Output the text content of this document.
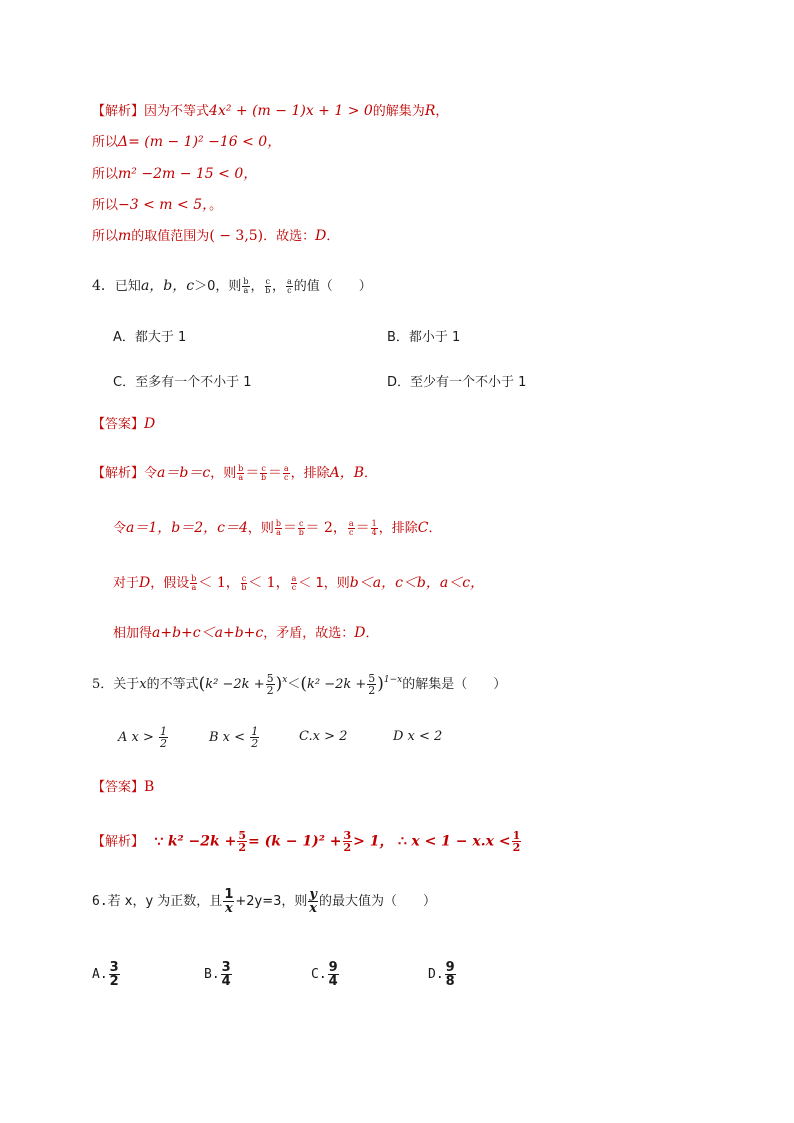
【解析】因为不等式4x² + (m − 1)x + 1 > 0的解集为R，
所以Δ= (m − 1)² −16 < 0，
所以m² −2m − 15 < 0，
所以−3 < m < 5，。
所以m的取值范围为( − 3,5)．故选：D．
4．已知a，b，c＞0，则 $\frac{b}{a}$ ， $\frac{c}{b}$ ， $\frac{a}{c}$ 的值（　　）
A．都大于 1	B．都小于 1
C．至多有一个不小于 1	D．至少有一个不小于 1
【答案】D
【解析】令a＝b＝c，则 $\frac{b}{a} = \frac{c}{b} = \frac{a}{c}$ ，排除A，B．
令a＝1，b＝2，c＝4，则 $\frac{b}{a} = \frac{c}{b} = 2$， $\frac{a}{c} = \frac{1}{4}$ ，排除C．
对于D，假设 $\frac{b}{a} < 1$， $\frac{c}{b} < 1$， $\frac{a}{c} < 1$，则b＜a，c＜b，a＜c，
相加得a+b+c＜a+b+c，矛盾，故选：D．
5．关于x的不等式$(k^2 -2k + \frac{5}{2} )^x<(k^2 -2k + \frac{5}{2} )^{1-x}$的解集是（　　）
A $x > \frac{1}{2}$	B $x < \frac{1}{2}$	C.x > 2	D x < 2
【答案】B
【解析】 ∵ $k^2 -2k + \frac{5}{2} = (k - 1)^2 + \frac{3}{2} > 1$， ∴ $x < 1 - x.x < \frac{1}{2}$
6.若 x，y 为正数，且 $\frac{1}{x} +2y=3$，则 $\frac{y}{x}$ 的最大值为（　　）
A. $\frac{3}{2}$	B. $\frac{3}{4}$	C. $\frac{9}{4}$	D. $\frac{9}{8}$
